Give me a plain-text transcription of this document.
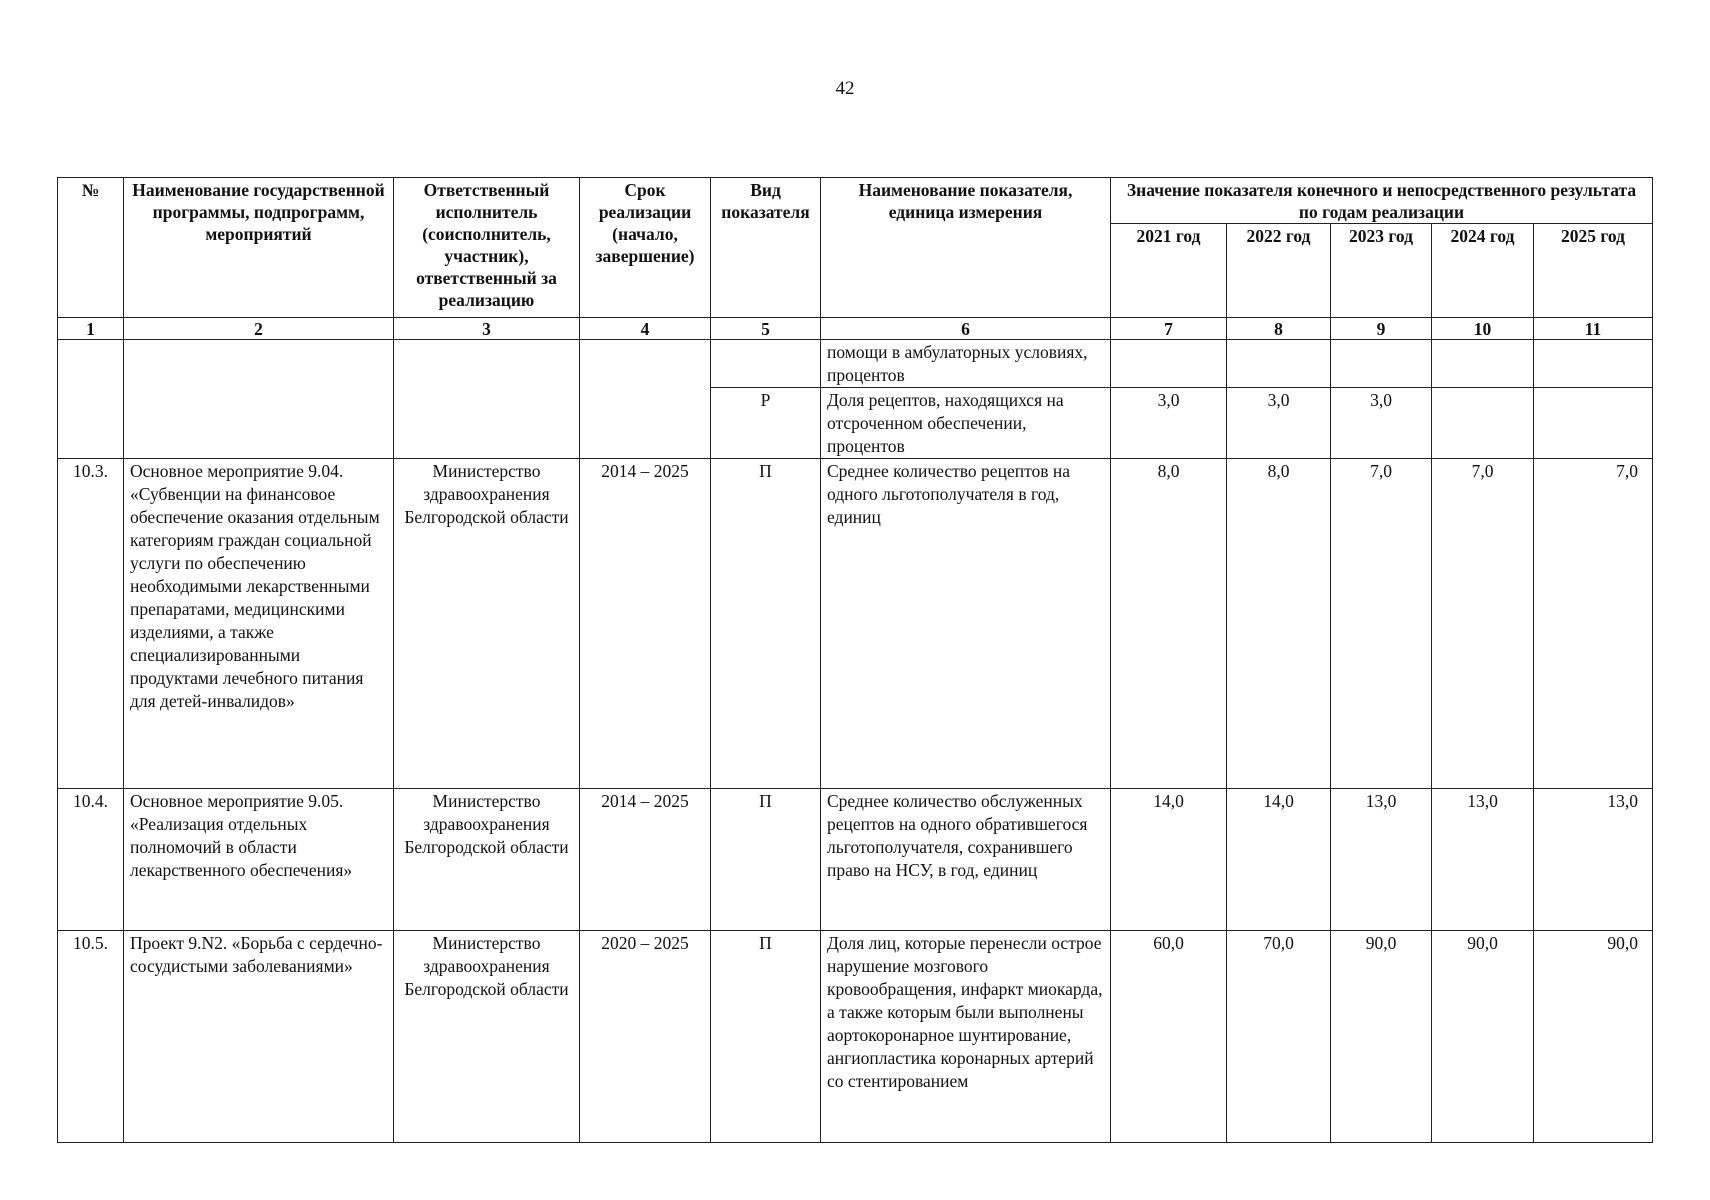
42
№	Наименование государственной программы, подпрограмм, мероприятий	Ответственный исполнитель (соисполнитель, участник), ответственный за реализацию	Срок реализации (начало, завершение)	Вид показателя	Наименование показателя, единица измерения	Значение показателя конечного и непосредственного результата по годам реализации				
						2021 год	2022 год	2023 год	2024 год	2025 год
1	2	3	4	5	6	7	8	9	10	11
					помощи в амбулаторных условиях, процентов					
				Р	Доля рецептов, находящихся на отсроченном обеспечении, процентов	3,0	3,0	3,0		
10.3.	Основное мероприятие 9.04. «Субвенции на финансовое обеспечение оказания отдельным категориям граждан социальной услуги по обеспечению необходимыми лекарственными препаратами, медицинскими изделиями, а также специализированными продуктами лечебного питания для детей-инвалидов»	Министерство здравоохранения Белгородской области	2014 – 2025	П	Среднее количество рецептов на одного льготополучателя в год, единиц	8,0	8,0	7,0	7,0	7,0
10.4.	Основное мероприятие 9.05. «Реализация отдельных полномочий в области лекарственного обеспечения»	Министерство здравоохранения Белгородской области	2014 – 2025	П	Среднее количество обслуженных рецептов на одного обратившегося льготополучателя, сохранившего право на НСУ, в год, единиц	14,0	14,0	13,0	13,0	13,0
10.5.	Проект 9.N2. «Борьба с сердечно-сосудистыми заболеваниями»	Министерство здравоохранения Белгородской области	2020 – 2025	П	Доля лиц, которые перенесли острое нарушение мозгового кровообращения, инфаркт миокарда, а также которым были выполнены аортокоронарное шунтирование, ангиопластика коронарных артерий со стентированием	60,0	70,0	90,0	90,0	90,0
